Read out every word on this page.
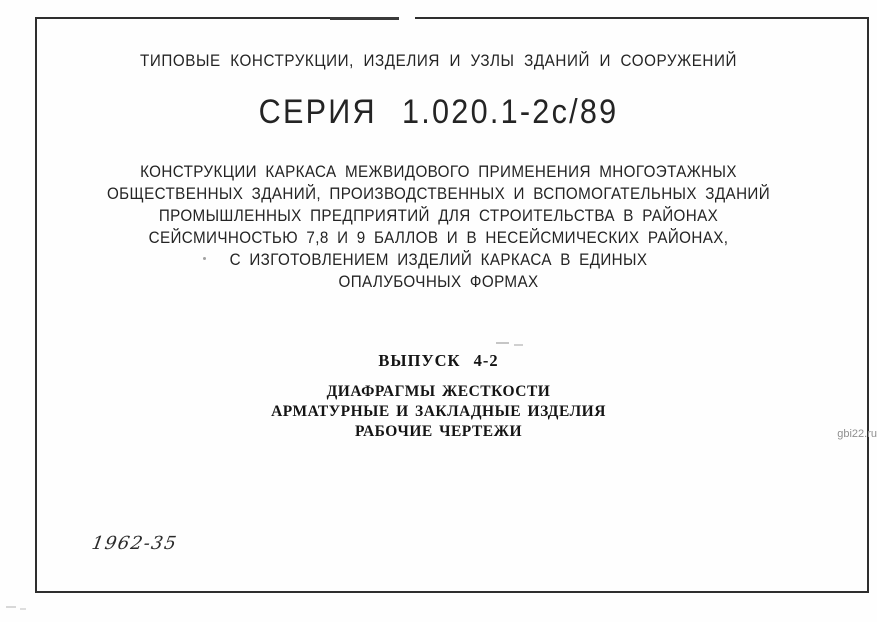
ТИПОВЫЕ КОНСТРУКЦИИ, ИЗДЕЛИЯ И УЗЛЫ ЗДАНИЙ И СООРУЖЕНИЙ
СЕРИЯ 1.020.1-2с/89
КОНСТРУКЦИИ КАРКАСА МЕЖВИДОВОГО ПРИМЕНЕНИЯ МНОГОЭТАЖНЫХ
ОБЩЕСТВЕННЫХ ЗДАНИЙ, ПРОИЗВОДСТВЕННЫХ И ВСПОМОГАТЕЛЬНЫХ ЗДАНИЙ
ПРОМЫШЛЕННЫХ ПРЕДПРИЯТИЙ ДЛЯ СТРОИТЕЛЬСТВА В РАЙОНАХ
СЕЙСМИЧНОСТЬЮ 7,8 И 9 БАЛЛОВ И В НЕСЕЙСМИЧЕСКИХ РАЙОНАХ,
С ИЗГОТОВЛЕНИЕМ ИЗДЕЛИЙ КАРКАСА В ЕДИНЫХ
ОПАЛУБОЧНЫХ ФОРМАХ
ВЫПУСК 4-2
ДИАФРАГМЫ ЖЕСТКОСТИ
АРМАТУРНЫЕ И ЗАКЛАДНЫЕ ИЗДЕЛИЯ
РАБОЧИЕ ЧЕРТЕЖИ
1962-35
gbi22.ru
